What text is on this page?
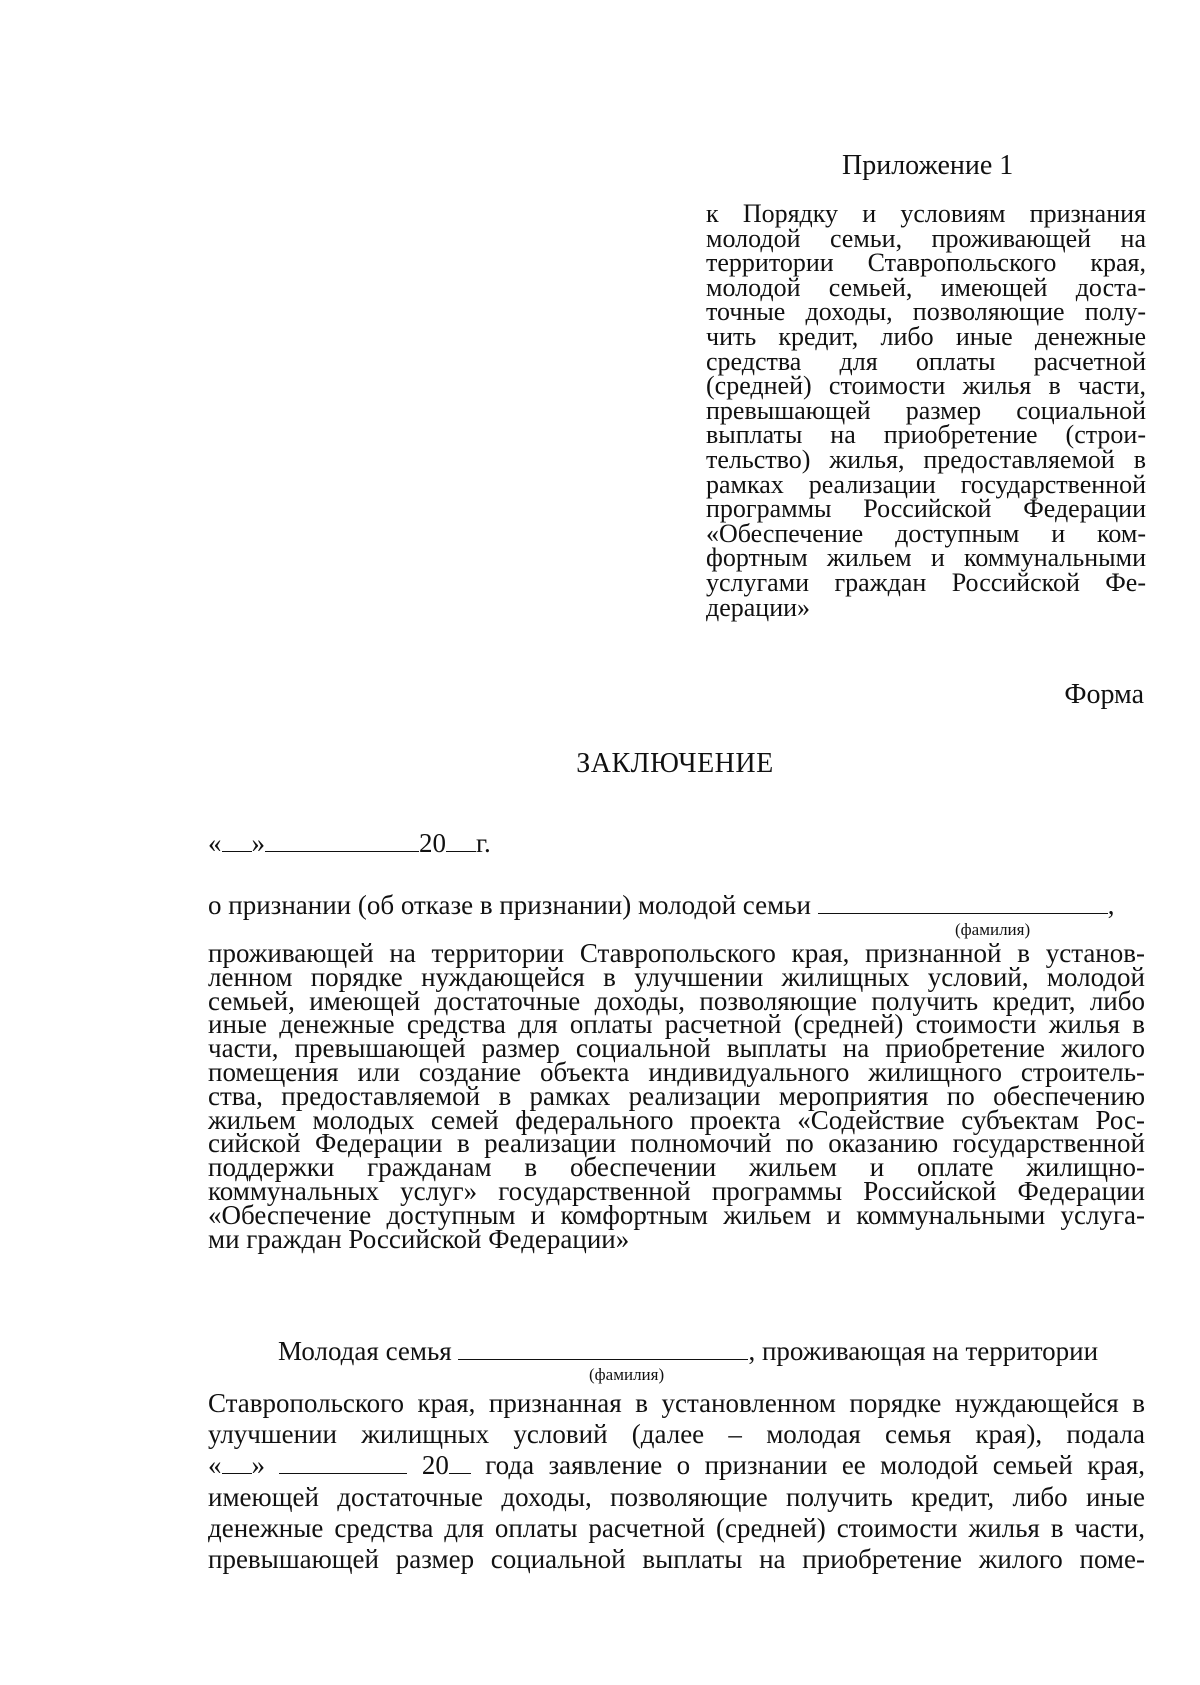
Приложение 1
к Порядку и условиям признания
молодой семьи, проживающей на
территории Ставропольского края,
молодой семьей, имеющей доста-
точные доходы, позволяющие полу-
чить кредит, либо иные денежные
средства для оплаты расчетной
(средней) стоимости жилья в части,
превышающей размер социальной
выплаты на приобретение (строи-
тельство) жилья, предоставляемой в
рамках реализации государственной
программы Российской Федерации
«Обеспечение доступным и ком-
фортным жильем и коммунальными
услугами граждан Российской Фе-
дерации»
Форма
ЗАКЛЮЧЕНИЕ
« »	20 г.
о признании (об отказе в признании) молодой семьи	,
(фамилия)
проживающей на территории Ставропольского края, признанной в установ-
ленном порядке нуждающейся в улучшении жилищных условий, молодой
семьей, имеющей достаточные доходы, позволяющие получить кредит, либо
иные денежные средства для оплаты расчетной (средней) стоимости жилья в
части, превышающей размер социальной выплаты на приобретение жилого
помещения или создание объекта индивидуального жилищного строитель-
ства, предоставляемой в рамках реализации мероприятия по обеспечению
жильем молодых семей федерального проекта «Содействие субъектам Рос-
сийской Федерации в реализации полномочий по оказанию государственной
поддержки гражданам в обеспечении жильем и оплате жилищно-
коммунальных услуг» государственной программы Российской Федерации
«Обеспечение доступным и комфортным жильем и коммунальными услуга-
ми граждан Российской Федерации»
Молодая семья	, проживающая на территории
(фамилия)
Ставропольского края, признанная в установленном порядке нуждающейся в
улучшении жилищных условий (далее – молодая семья края), подала
« »	20 года заявление о признании ее молодой семьей края,
имеющей достаточные доходы, позволяющие получить кредит, либо иные
денежные средства для оплаты расчетной (средней) стоимости жилья в части,
превышающей размер социальной выплаты на приобретение жилого поме-
